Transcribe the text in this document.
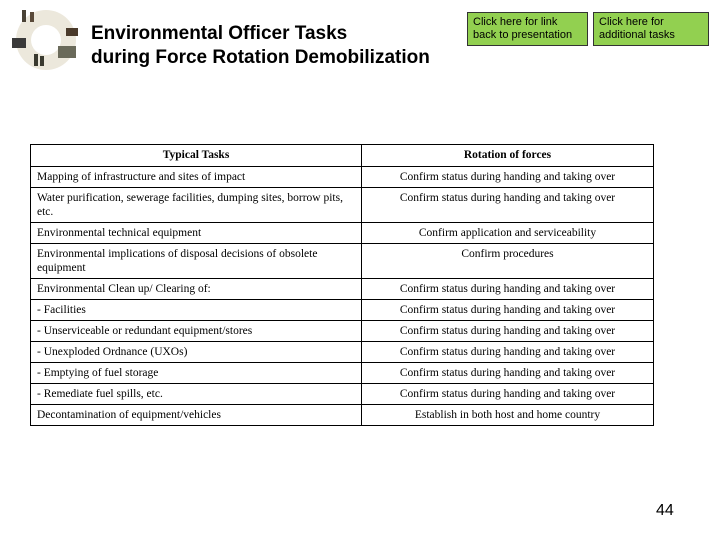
Environmental Officer Tasks
during Force Rotation Demobilization
Click here for link back to presentation
Click here for additional tasks
Typical Tasks	Rotation of forces
Mapping of infrastructure and sites of impact	Confirm status during handing and taking over
Water purification, sewerage facilities, dumping sites, borrow pits, etc.	Confirm status during handing and taking over
Environmental technical equipment	Confirm application and serviceability
Environmental implications of disposal decisions of obsolete equipment	Confirm procedures
Environmental Clean up/ Clearing of:	Confirm status during handing and taking over
- Facilities	Confirm status during handing and taking over
- Unserviceable or redundant equipment/stores	Confirm status during handing and taking over
- Unexploded Ordnance (UXOs)	Confirm status during handing and taking over
- Emptying of fuel storage	Confirm status during handing and taking over
- Remediate fuel spills, etc.	Confirm status during handing and taking over
Decontamination of equipment/vehicles	Establish in both host and home country
44
